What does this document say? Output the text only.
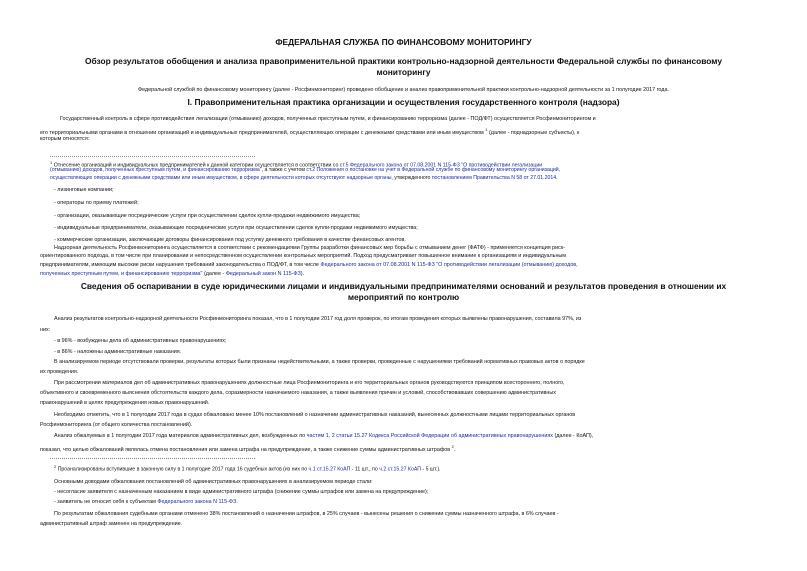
ФЕДЕРАЛЬНАЯ СЛУЖБА ПО ФИНАНСОВОМУ МОНИТОРИНГУ
Обзор результатов обобщения и анализа правоприменительной практики контрольно-надзорной деятельности Федеральной службы по финансовому
мониторингу
Федеральной службой по финансовому мониторингу (далее - Росфинмониторинг) проведено обобщение и анализ правоприменительной практики контрольно-надзорной деятельности за 1 полугодие 2017 года.
I. Правоприменительная практика организации и осуществления государственного контроля (надзора)
Государственный контроль в сфере противодействия легализации (отмыванию) доходов, полученных преступным путем, и финансированию терроризма (далее - ПОД/ФТ) осуществляется Росфинмониторингом и
его территориальными органами в отношении организаций и индивидуальных предпринимателей, осуществляющих операции с денежными средствами или иным имуществом $^1$ (далее - поднадзорные субъекты), к
которым относятся:
$^1$ Отнесение организаций и индивидуальных предпринимателей к данной категории осуществляется в соответствии со ст.5 Федерального закона от 07.08.2001 N 115-ФЗ "О противодействии легализации
(отмыванию) доходов, полученных преступным путем, и финансированию терроризма", а также с учетом ст.2 Положения о постановке на учет в Федеральной службе по финансовому мониторингу организаций,
осуществляющих операции с денежными средствами или иным имуществом, в сфере деятельности которых отсутствуют надзорные органы, утвержденного постановлением Правительства N 58 от 27.01.2014.
- лизинговые компании;
- операторы по приему платежей;
- организации, оказывающие посреднические услуги при осуществлении сделок купли-продажи недвижимого имущества;
- индивидуальные предприниматели, оказывающие посреднические услуги при осуществлении сделок купли-продажи недвижимого имущества;
- коммерческие организации, заключающие договоры финансирования под уступку денежного требования в качестве финансовых агентов.
Надзорная деятельность Росфинмониторинга осуществляется в соответствии с рекомендациями Группы разработки финансовых мер борьбы с отмыванием денег (ФАТФ) - применяется концепция риск-
ориентированного подхода, в том числе при планировании и непосредственном осуществлении контрольных мероприятий. Подход предусматривает повышенное внимание к организациям и индивидуальным
предпринимателям, имеющим высокие риски нарушения требований законодательства о ПОД/ФТ, в том числе Федерального закона от 07.08.2001 N 115-ФЗ "О противодействии легализации (отмыванию) доходов,
полученных преступным путем, и финансированию терроризма" (далее - Федеральный закон N 115-ФЗ).
Сведения об оспаривании в суде юридическими лицами и индивидуальными предпринимателями оснований и результатов проведения в отношении их
мероприятий по контролю
Анализ результатов контрольно-надзорной деятельности Росфинмониторинга показал, что в 1 полугодии 2017 год доля проверок, по итогам проведения которых выявлены правонарушения, составила 97%, из
них:
- в 96% - возбуждены дела об административных правонарушениях;
- в 86% - наложены административные наказания.
В анализируемом периоде отсутствовали проверки, результаты которых были признаны недействительными, а также проверки, проведенные с нарушениями требований нормативных правовых актов о порядке
их проведения.
При рассмотрении материалов дел об административных правонарушениях должностные лица Росфинмониторинга и его территориальных органов руководствуются принципом всестороннего, полного,
объективного и своевременного выяснения обстоятельств каждого дела, соразмерности назначаемого наказания, а также выявления причин и условий, способствовавших совершению административных
правонарушений в целях предупреждения новых правонарушений.
Необходимо отметить, что в 1 полугодии 2017 года в судах обжаловано менее 10% постановлений о назначении административных наказаний, вынесенных должностными лицами территориальных органов
Росфинмониторинга (от общего количества постановлений).
Анализ обжалуемых в 1 полугодии 2017 года материалов административных дел, возбужденных по частям 1, 2 статьи 15.27 Кодекса Российской Федерации об административных правонарушениях (далее - КоАП),
показал, что целью обжалований являлась отмена постановления или замена штрафа на предупреждение, а также снижение суммы административных штрафов $^2$.
$^2$ Проанализированы вступившие в законную силу в 1 полугодие 2017 года 16 судебных актов (из них по ч.1 ст.15.27 КоАП - 11 шт., по ч.2 ст.15.27 КоАП - 5 шт.).
Основными доводами обжалования постановлений об административных правонарушениях в анализируемом периоде стали:
- несогласие заявителя с назначенным наказанием в виде административного штрафа (снижение суммы штрафов или замена на предупреждение);
- заявитель не относит себя к субъектам Федерального закона N 115-ФЗ.
По результатам обжалования судебными органами отменено 38% постановлений о назначении штрафов, в 25% случаев - вынесены решения о снижении суммы назначенного штрафа, в 6% случаев -
административный штраф заменен на предупреждение.
